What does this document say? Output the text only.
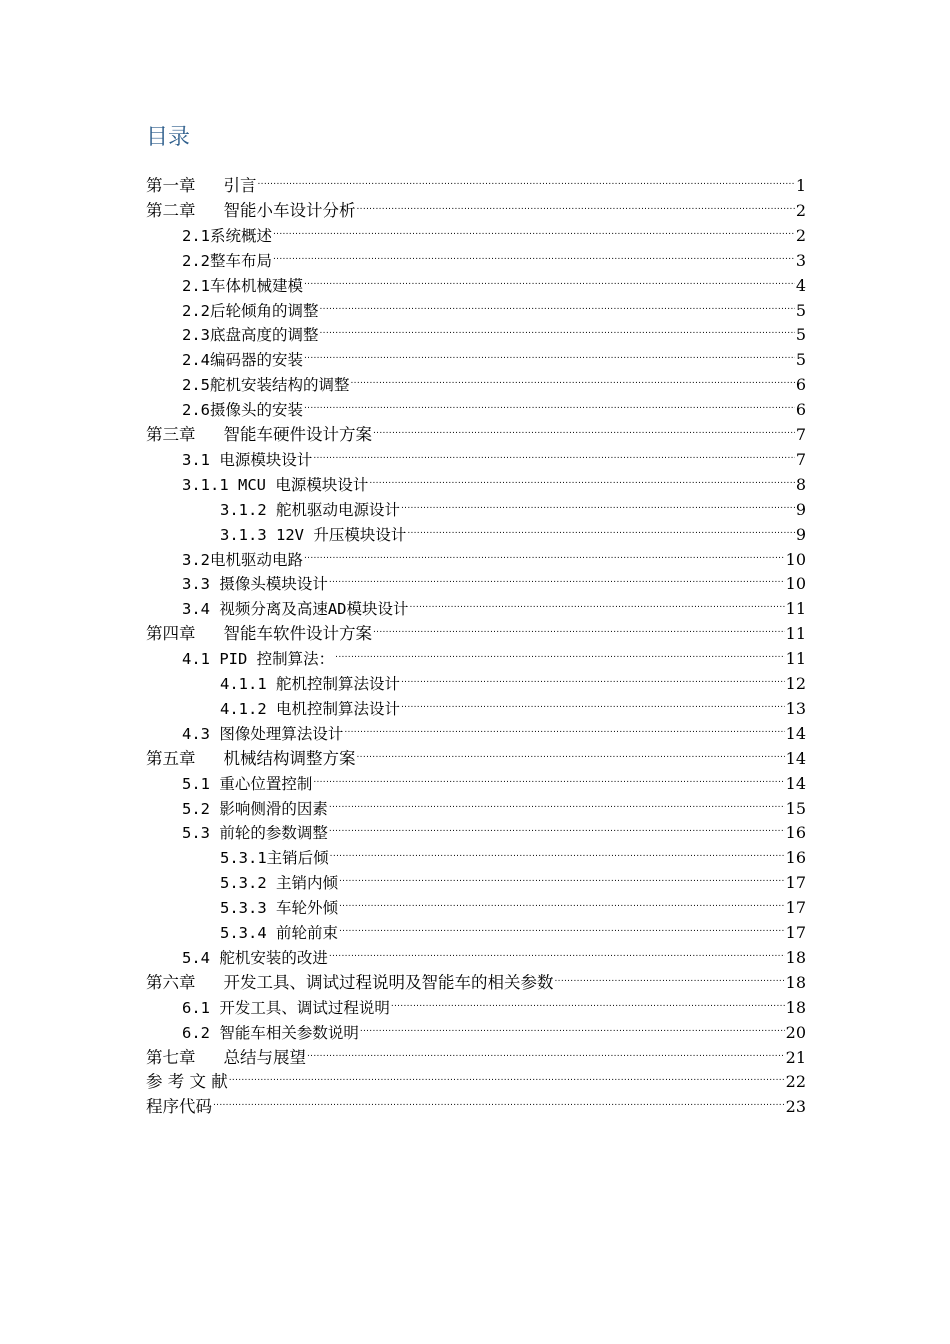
目录
第一章 引言 .....	1
第二章 智能小车设计分析 .....	2
2.1系统概述 .....	2
2.2整车布局 .....	3
2.1车体机械建模 .....	4
2.2后轮倾角的调整 .....	5
2.3底盘高度的调整 .....	5
2.4编码器的安装 .....	5
2.5舵机安装结构的调整 .....	6
2.6摄像头的安装 .....	6
第三章 智能车硬件设计方案 .....	7
3.1 电源模块设计 .....	7
3.1.1 MCU 电源模块设计 .....	8
3.1.2 舵机驱动电源设计 .....	9
3.1.3 12V 升压模块设计 .....	9
3.2电机驱动电路 .....	10
3.3 摄像头模块设计 .....	10
3.4 视频分离及高速AD模块设计 .....	11
第四章 智能车软件设计方案 .....	11
4.1 PID 控制算法： .....	11
4.1.1 舵机控制算法设计 .....	12
4.1.2 电机控制算法设计 .....	13
4.3 图像处理算法设计 .....	14
第五章 机械结构调整方案 .....	14
5.1 重心位置控制 .....	14
5.2 影响侧滑的因素 .....	15
5.3 前轮的参数调整 .....	16
5.3.1主销后倾 .....	16
5.3.2 主销内倾 .....	17
5.3.3 车轮外倾 .....	17
5.3.4 前轮前束 .....	17
5.4 舵机安装的改进 .....	18
第六章 开发工具、调试过程说明及智能车的相关参数 .....	18
6.1 开发工具、调试过程说明 .....	18
6.2 智能车相关参数说明 .....	20
第七章 总结与展望 .....	21
参 考 文 献 .....	22
程序代码 .....	23
